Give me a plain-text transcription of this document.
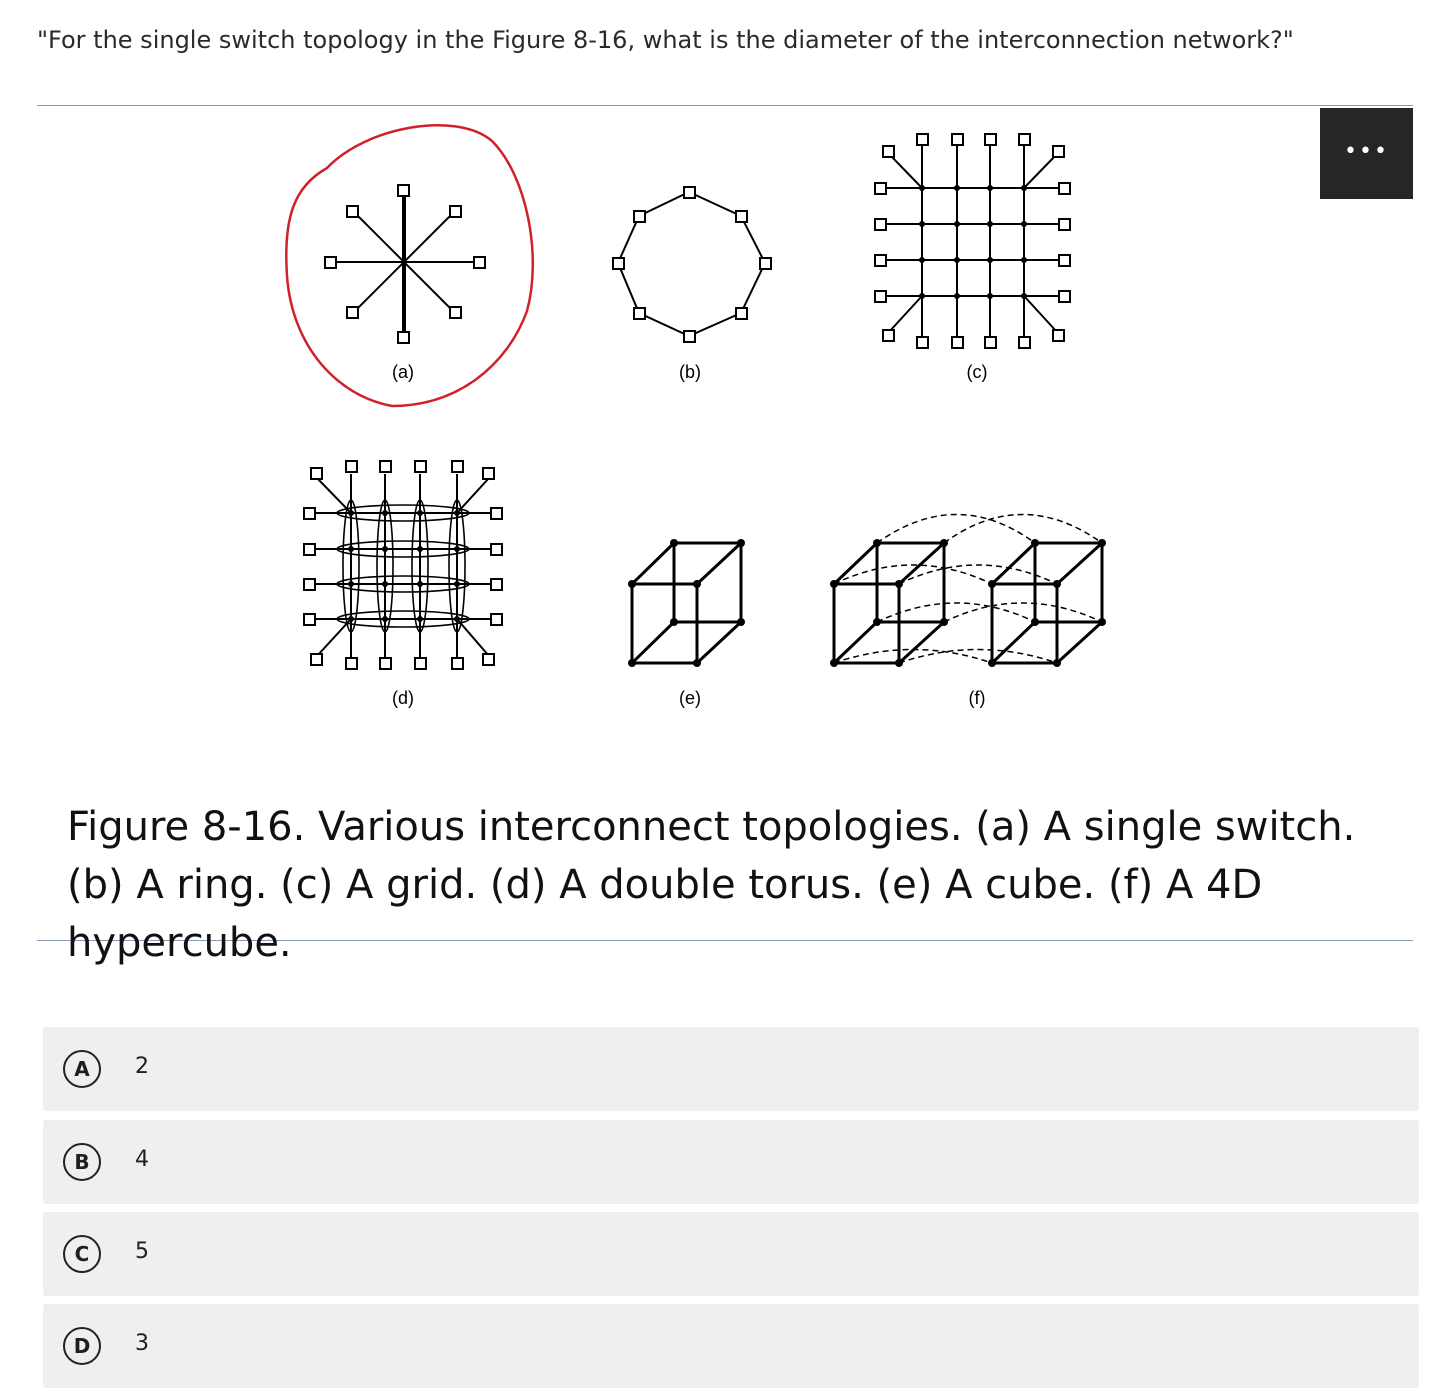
"For the single switch topology in the Figure 8-16, what is the diameter of the interconnection network?"
(a)	(b)	(c)
(d)	(e)	(f)
•••
Figure 8-16. Various interconnect topologies. (a) A single switch. (b) A ring. (c) A grid. (d) A double torus. (e) A cube. (f) A 4D hypercube.
A	2
B	4
C	5
D	3
